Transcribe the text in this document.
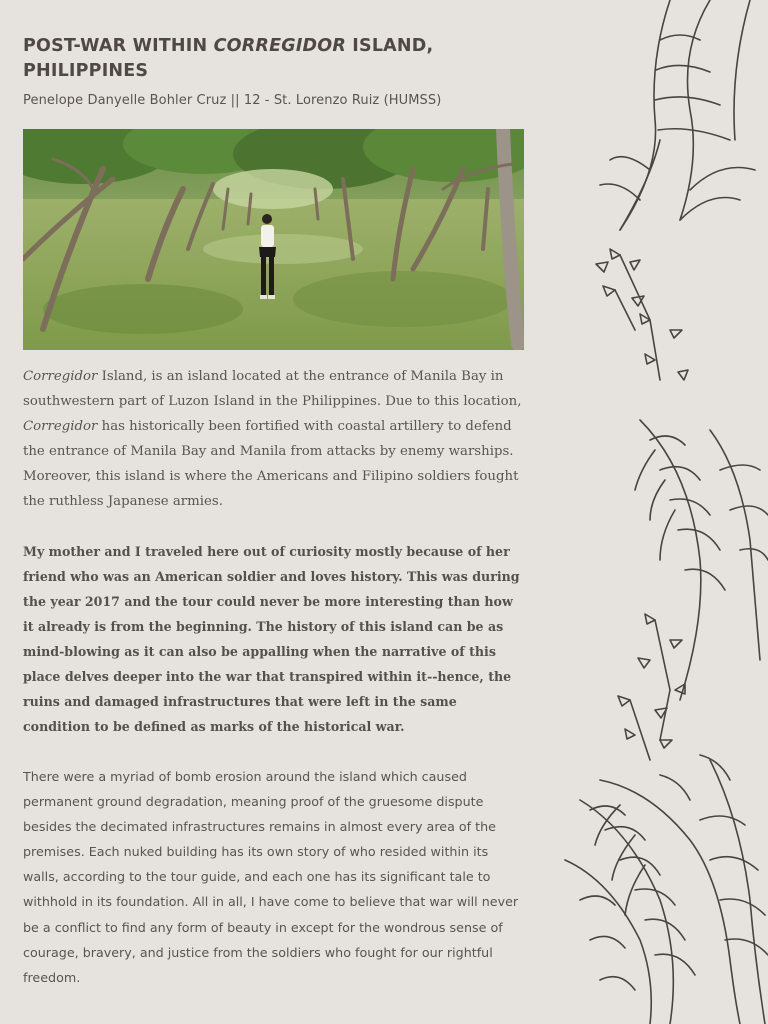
POST-WAR WITHIN CORREGIDOR ISLAND, PHILIPPINES
Penelope Danyelle Bohler Cruz || 12 - St. Lorenzo Ruiz (HUMSS)

Corregidor Island, is an island located at the entrance of Manila Bay in southwestern part of Luzon Island in the Philippines. Due to this location, Corregidor has historically been fortified with coastal artillery to defend the entrance of Manila Bay and Manila from attacks by enemy warships. Moreover, this island is where the Americans and Filipino soldiers fought the ruthless Japanese armies.

My mother and I traveled here out of curiosity mostly because of her friend who was an American soldier and loves history. This was during the year 2017 and the tour could never be more interesting than how it already is from the beginning. The history of this island can be as mind-blowing as it can also be appalling when the narrative of this place delves deeper into the war that transpired within it--hence, the ruins and damaged infrastructures that were left in the same condition to be defined as marks of the historical war.

There were a myriad of bomb erosion around the island which caused permanent ground degradation, meaning proof of the gruesome dispute besides the decimated infrastructures remains in almost every area of the premises. Each nuked building has its own story of who resided within its walls, according to the tour guide, and each one has its significant tale to withhold in its foundation. All in all, I have come to believe that war will never be a conflict to find any form of beauty in except for the wondrous sense of courage, bravery, and justice from the soldiers who fought for our rightful freedom.
